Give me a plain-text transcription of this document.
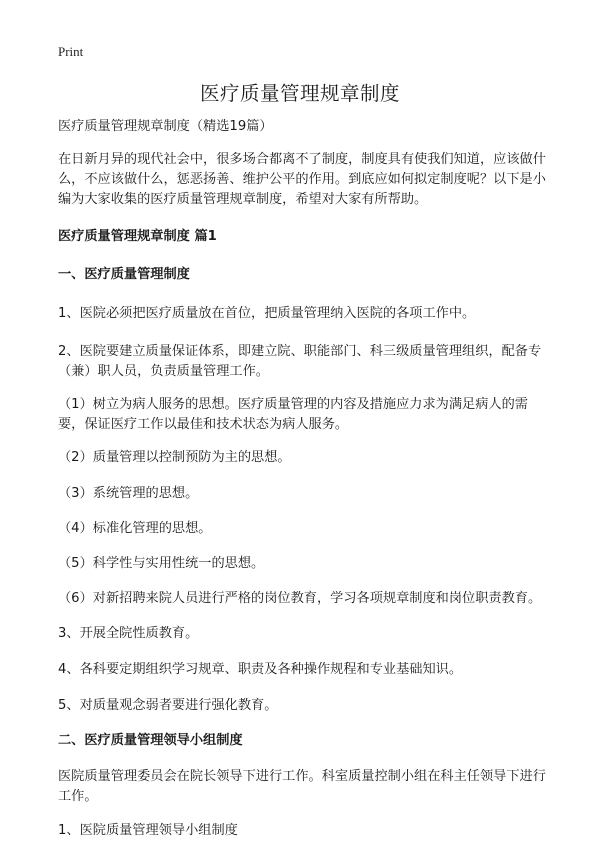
Print
医疗质量管理规章制度

医疗质量管理规章制度（精选19篇）

在日新月异的现代社会中，很多场合都离不了制度，制度具有使我们知道，应该做什么，不应该做什么，惩恶扬善、维护公平的作用。到底应如何拟定制度呢？以下是小编为大家收集的医疗质量管理规章制度，希望对大家有所帮助。

医疗质量管理规章制度 篇1

一、医疗质量管理制度

1、医院必须把医疗质量放在首位，把质量管理纳入医院的各项工作中。

2、医院要建立质量保证体系，即建立院、职能部门、科三级质量管理组织，配备专（兼）职人员，负责质量管理工作。

（1）树立为病人服务的思想。医疗质量管理的内容及措施应力求为满足病人的需要，保证医疗工作以最佳和技术状态为病人服务。

（2）质量管理以控制预防为主的思想。

（3）系统管理的思想。

（4）标准化管理的思想。

（5）科学性与实用性统一的思想。

（6）对新招聘来院人员进行严格的岗位教育，学习各项规章制度和岗位职责教育。

3、开展全院性质教育。

4、各科要定期组织学习规章、职责及各种操作规程和专业基础知识。

5、对质量观念弱者要进行强化教育。

二、医疗质量管理领导小组制度

医院质量管理委员会在院长领导下进行工作。科室质量控制小组在科主任领导下进行工作。

1、医院质量管理领导小组制度
